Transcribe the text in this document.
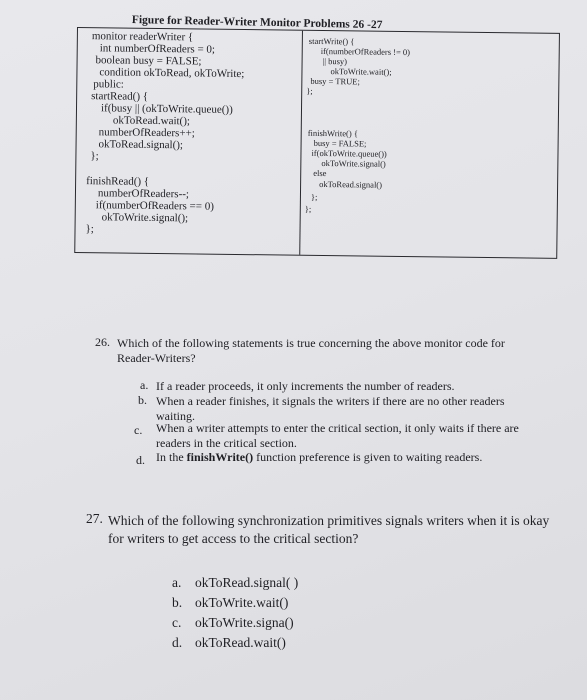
Figure for Reader-Writer Monitor Problems 26 -27
monitor readerWriter {
int numberOfReaders = 0;
boolean busy = FALSE;
condition okToRead, okToWrite;
public:
startRead() {
if(busy || (okToWrite.queue())
okToRead.wait();
numberOfReaders++;
okToRead.signal();
};
finishRead() {
numberOfReaders--;
if(numberOfReaders == 0)
okToWrite.signal();
};
startWrite() {
if(numberOfReaders != 0)
|| busy)
okToWrite.wait();
busy = TRUE;
};
finishWrite() {
busy = FALSE;
if(okToWrite.queue())
okToWrite.signal()
else
okToRead.signal()
};
};
26. Which of the following statements is true concerning the above monitor code for Reader-Writers?
a. If a reader proceeds, it only increments the number of readers.
b. When a reader finishes, it signals the writers if there are no other readers waiting.
c. When a writer attempts to enter the critical section, it only waits if there are readers in the critical section.
d. In the finishWrite() function preference is given to waiting readers.
27. Which of the following synchronization primitives signals writers when it is okay for writers to get access to the critical section?
a. okToRead.signal( )
b. okToWrite.wait()
c. okToWrite.signa()
d. okToRead.wait()
